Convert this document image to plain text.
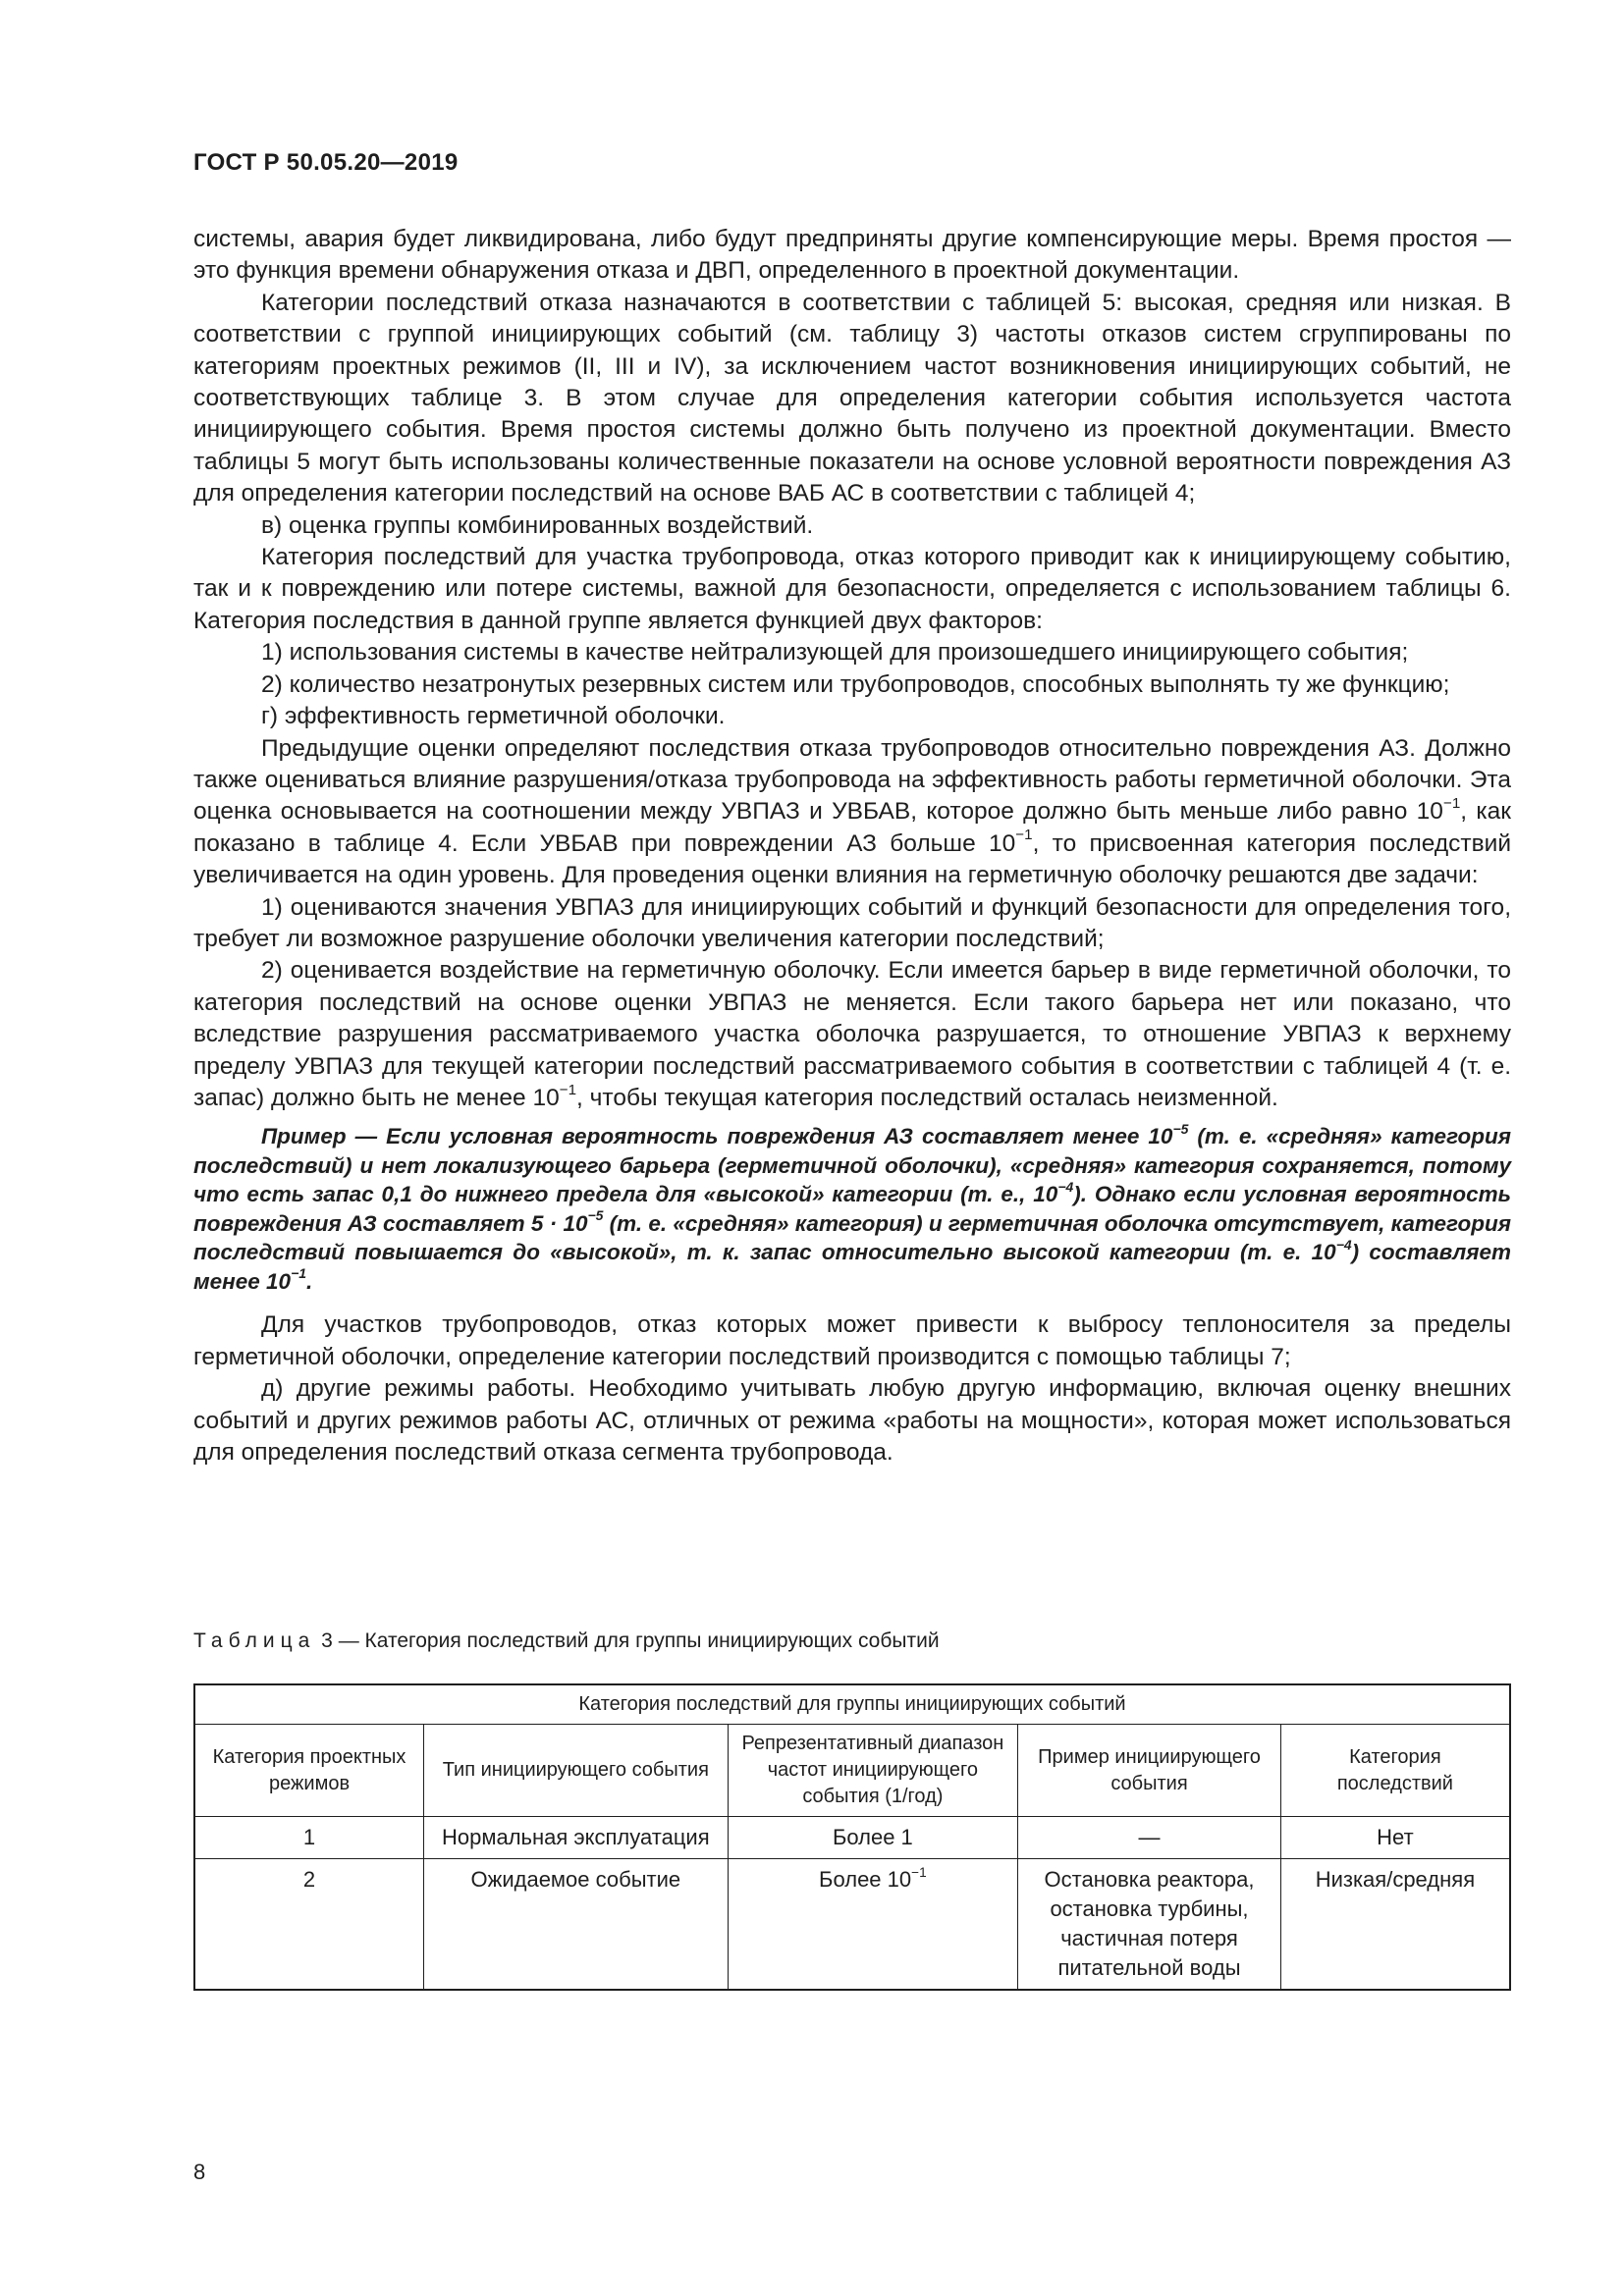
ГОСТ Р 50.05.20—2019

системы, авария будет ликвидирована, либо будут предприняты другие компенсирующие меры. Время простоя — это функция времени обнаружения отказа и ДВП, определенного в проектной документации.

Категории последствий отказа назначаются в соответствии с таблицей 5: высокая, средняя или низкая. В соответствии с группой инициирующих событий (см. таблицу 3) частоты отказов систем сгруппированы по категориям проектных режимов (II, III и IV), за исключением частот возникновения инициирующих событий, не соответствующих таблице 3. В этом случае для определения категории события используется частота инициирующего события. Время простоя системы должно быть получено из проектной документации. Вместо таблицы 5 могут быть использованы количественные показатели на основе условной вероятности повреждения АЗ для определения категории последствий на основе ВАБ АС в соответствии с таблицей 4;

в) оценка группы комбинированных воздействий.

Категория последствий для участка трубопровода, отказ которого приводит как к инициирующему событию, так и к повреждению или потере системы, важной для безопасности, определяется с использованием таблицы 6. Категория последствия в данной группе является функцией двух факторов:

1) использования системы в качестве нейтрализующей для произошедшего инициирующего события;

2) количество незатронутых резервных систем или трубопроводов, способных выполнять ту же функцию;

г) эффективность герметичной оболочки.

Предыдущие оценки определяют последствия отказа трубопроводов относительно повреждения АЗ. Должно также оцениваться влияние разрушения/отказа трубопровода на эффективность работы герметичной оболочки. Эта оценка основывается на соотношении между УВПАЗ и УВБАВ, которое должно быть меньше либо равно $10^{-1}$, как показано в таблице 4. Если УВБАВ при повреждении АЗ больше $10^{-1}$, то присвоенная категория последствий увеличивается на один уровень. Для проведения оценки влияния на герметичную оболочку решаются две задачи:

1) оцениваются значения УВПАЗ для инициирующих событий и функций безопасности для определения того, требует ли возможное разрушение оболочки увеличения категории последствий;

2) оценивается воздействие на герметичную оболочку. Если имеется барьер в виде герметичной оболочки, то категория последствий на основе оценки УВПАЗ не меняется. Если такого барьера нет или показано, что вследствие разрушения рассматриваемого участка оболочка разрушается, то отношение УВПАЗ к верхнему пределу УВПАЗ для текущей категории последствий рассматриваемого события в соответствии с таблицей 4 (т. е. запас) должно быть не менее $10^{-1}$, чтобы текущая категория последствий осталась неизменной.

Пример — Если условная вероятность повреждения АЗ составляет менее $10^{-5}$ (т. е. «средняя» категория последствий) и нет локализующего барьера (герметичной оболочки), «средняя» категория сохраняется, потому что есть запас 0,1 до нижнего предела для «высокой» категории (т. е., $10^{-4}$). Однако если условная вероятность повреждения АЗ составляет $5 \cdot 10^{-5}$ (т. е. «средняя» категория) и герметичная оболочка отсутствует, категория последствий повышается до «высокой», т. к. запас относительно высокой категории (т. е. $10^{-4}$) составляет менее $10^{-1}$.

Для участков трубопроводов, отказ которых может привести к выбросу теплоносителя за пределы герметичной оболочки, определение категории последствий производится с помощью таблицы 7;

д) другие режимы работы. Необходимо учитывать любую другую информацию, включая оценку внешних событий и других режимов работы АС, отличных от режима «работы на мощности», которая может использоваться для определения последствий отказа сегмента трубопровода.

Таблица 3 — Категория последствий для группы инициирующих событий
Категория последствий для группы инициирующих событий				
Категория проектных режимов	Тип инициирующего события	Репрезентативный диапазон частот инициирующего события (1/год)	Пример инициирующего события	Категория последствий
1	Нормальная эксплуатация	Более 1	—	Нет
2	Ожидаемое событие	Более $10^{-1}$	Остановка реактора, остановка турбины, частичная потеря питательной воды	Низкая/средняя
8
